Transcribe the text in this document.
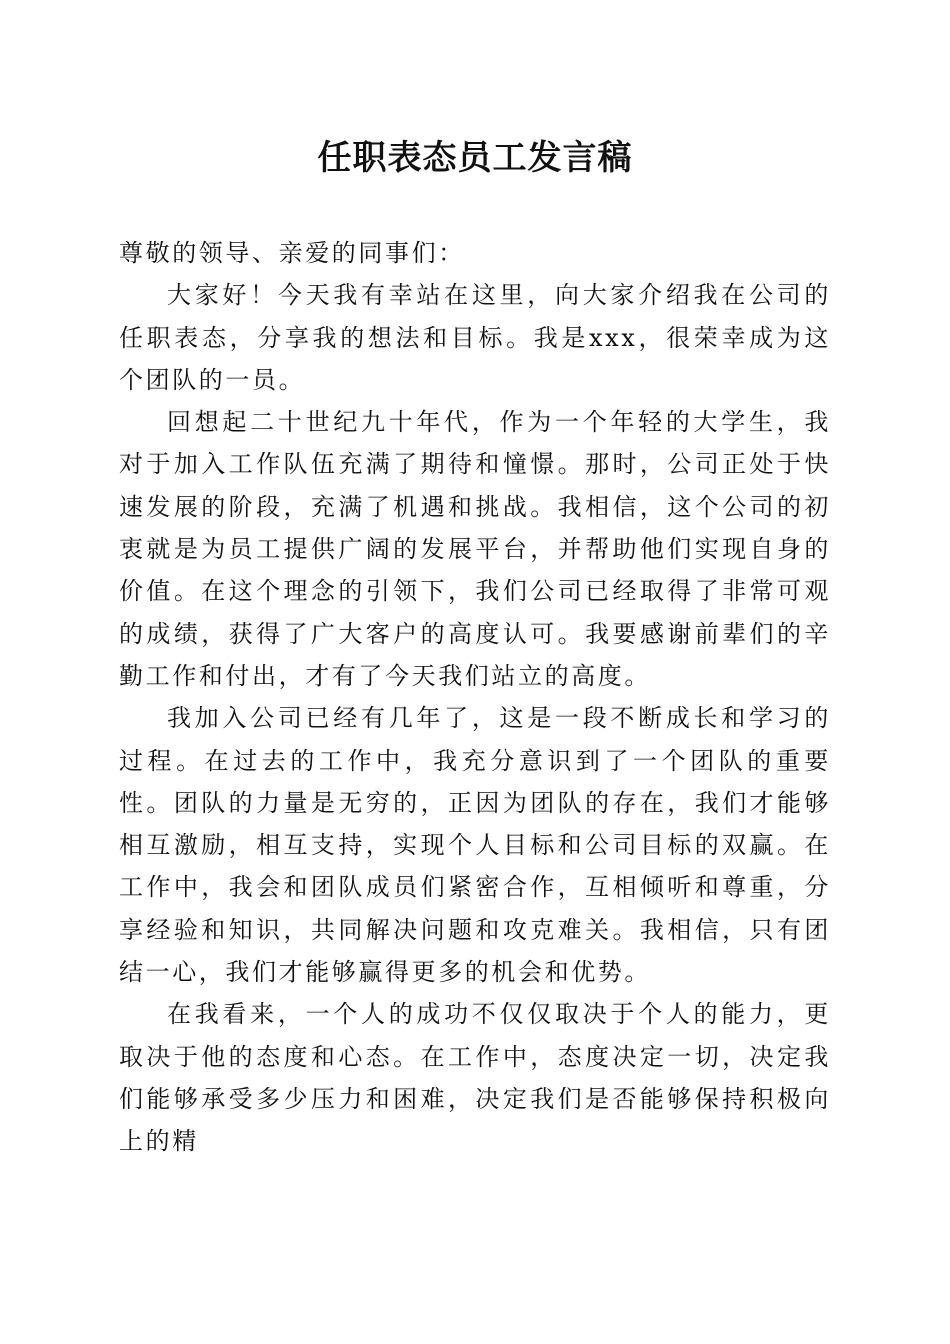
任职表态员工发言稿

尊敬的领导、亲爱的同事们：

大家好！今天我有幸站在这里，向大家介绍我在公司的任职表态，分享我的想法和目标。我是xxx，很荣幸成为这个团队的一员。

回想起二十世纪九十年代，作为一个年轻的大学生，我对于加入工作队伍充满了期待和憧憬。那时，公司正处于快速发展的阶段，充满了机遇和挑战。我相信，这个公司的初衷就是为员工提供广阔的发展平台，并帮助他们实现自身的价值。在这个理念的引领下，我们公司已经取得了非常可观的成绩，获得了广大客户的高度认可。我要感谢前辈们的辛勤工作和付出，才有了今天我们站立的高度。

我加入公司已经有几年了，这是一段不断成长和学习的过程。在过去的工作中，我充分意识到了一个团队的重要性。团队的力量是无穷的，正因为团队的存在，我们才能够相互激励，相互支持，实现个人目标和公司目标的双赢。在工作中，我会和团队成员们紧密合作，互相倾听和尊重，分享经验和知识，共同解决问题和攻克难关。我相信，只有团结一心，我们才能够赢得更多的机会和优势。

在我看来，一个人的成功不仅仅取决于个人的能力，更取决于他的态度和心态。在工作中，态度决定一切，决定我们能够承受多少压力和困难，决定我们是否能够保持积极向上的精
